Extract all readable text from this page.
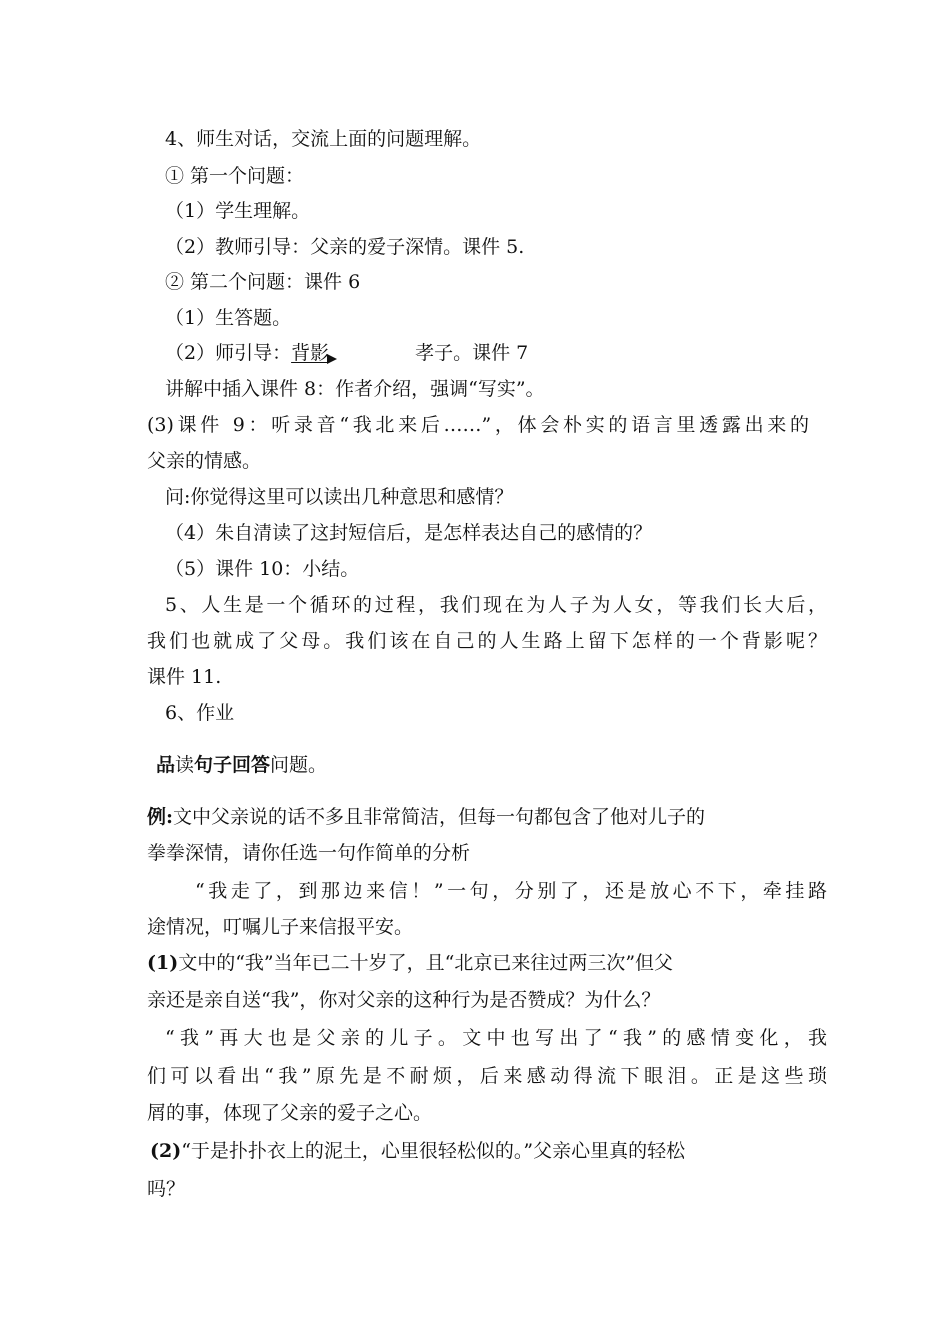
4、师生对话，交流上面的问题理解。
① 第一个问题：
（1）学生理解。
（2）教师引导：父亲的爱子深情。课件 5.
② 第二个问题：课件 6
（1）生答题。
（2）师引导：背影	孝子。课件 7
讲解中插入课件 8：作者介绍，强调“写实”。
(3)课件 9：听录音“我北来后……”，体会朴实的语言里透露出来的
父亲的情感。
问:你觉得这里可以读出几种意思和感情？
（4）朱自清读了这封短信后，是怎样表达自己的感情的？
（5）课件 10：小结。
5、人生是一个循环的过程，我们现在为人子为人女，等我们长大后，
我们也就成了父母。我们该在自己的人生路上留下怎样的一个背影呢？
课件 11.
6、作业
品读句子回答问题。
例:文中父亲说的话不多且非常简洁，但每一句都包含了他对儿子的
拳拳深情，请你任选一句作简单的分析
“我走了，到那边来信！”一句，分别了，还是放心不下，牵挂路
途情况，叮嘱儿子来信报平安。
(1)文中的“我”当年已二十岁了，且“北京已来往过两三次”但父
亲还是亲自送“我”，你对父亲的这种行为是否赞成？为什么？
“我”再大也是父亲的儿子。文中也写出了“我”的感情变化，我
们可以看出“我”原先是不耐烦，后来感动得流下眼泪。正是这些琐
屑的事，体现了父亲的爱子之心。
(2)“于是扑扑衣上的泥土，心里很轻松似的。”父亲心里真的轻松
吗？
